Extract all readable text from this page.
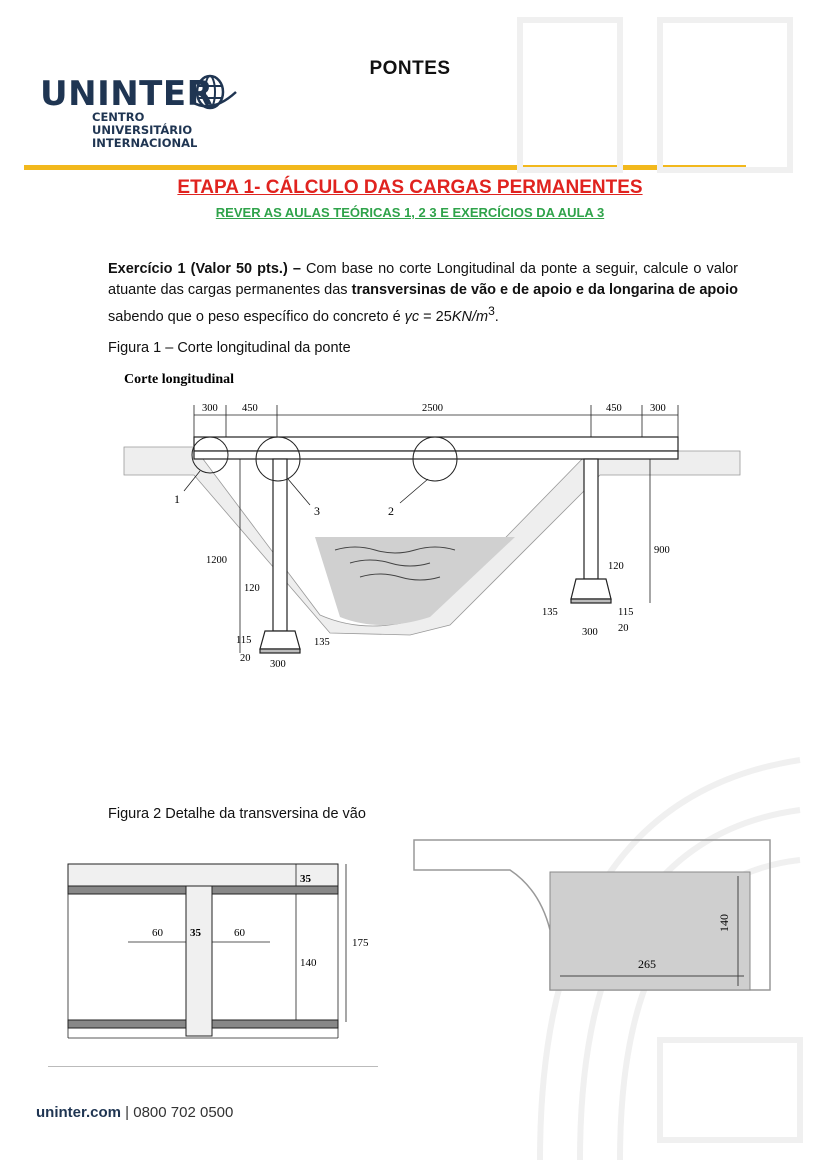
PONTES
UNINTER
CENTRO
UNIVERSITÁRIO
INTERNACIONAL
ETAPA 1- CÁLCULO DAS CARGAS PERMANENTES
REVER AS AULAS TEÓRICAS 1, 2 3 E EXERCÍCIOS DA AULA 3
Exercício 1 (Valor 50 pts.) – Com base no corte Longitudinal da ponte a seguir, calcule o valor atuante das cargas permanentes das transversinas de vão e de apoio e da longarina de apoio sabendo que o peso específico do concreto é $\gamma c = 25KN/m^3$.
Figura 1 – Corte longitudinal da ponte
Corte longitudinal
1
3	2
300 450	2500	450	300
1200
900
120
120
115	135
20
300
135	115
20
300
Figura 2 Detalhe da transversina de vão
35
60 35	60
140
175
265
140
uninter.com | 0800 702 0500
